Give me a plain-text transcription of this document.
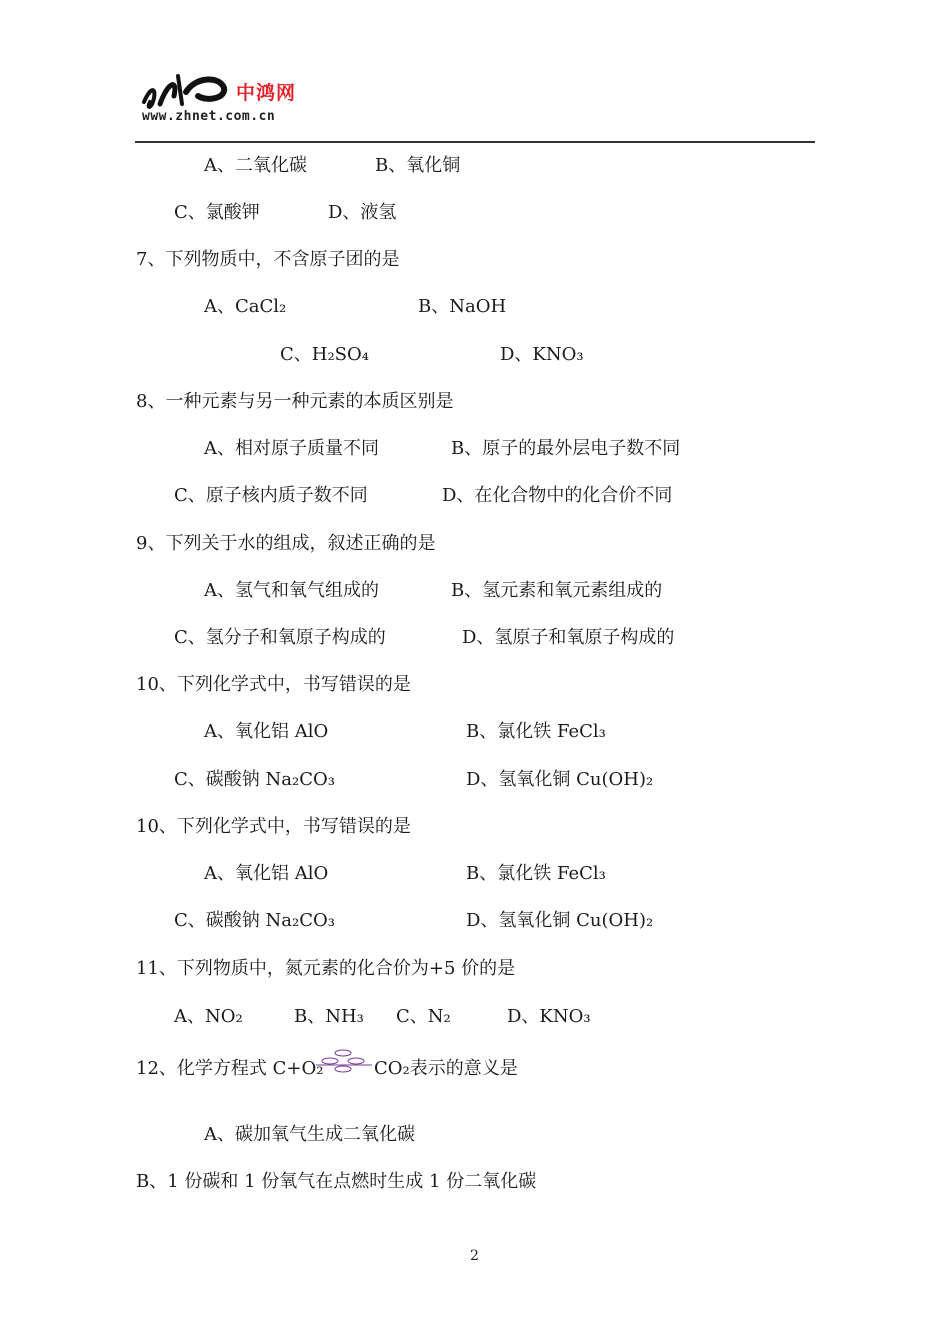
中鸿网
www.zhnet.com.cn
A、二氧化碳	B、氧化铜
C、氯酸钾	D、液氢
7、下列物质中，不含原子团的是
A、CaCl₂	B、NaOH
C、H₂SO₄	D、KNO₃
8、一种元素与另一种元素的本质区别是
A、相对原子质量不同	B、原子的最外层电子数不同
C、原子核内质子数不同	D、在化合物中的化合价不同
9、下列关于水的组成，叙述正确的是
A、氢气和氧气组成的	B、氢元素和氧元素组成的
C、氢分子和氧原子构成的	D、氢原子和氧原子构成的
10、下列化学式中，书写错误的是
A、氧化铝 AlO	B、氯化铁 FeCl₃
C、碳酸钠 Na₂CO₃	D、氢氧化铜 Cu(OH)₂
10、下列化学式中，书写错误的是
A、氧化铝 AlO	B、氯化铁 FeCl₃
C、碳酸钠 Na₂CO₃	D、氢氧化铜 Cu(OH)₂
11、下列物质中，氮元素的化合价为+5 价的是
A、NO₂	B、NH₃ C、N₂	D、KNO₃
12、化学方程式 C+O₂	CO₂表示的意义是
A、碳加氧气生成二氧化碳
B、1 份碳和 1 份氧气在点燃时生成 1 份二氧化碳
2
